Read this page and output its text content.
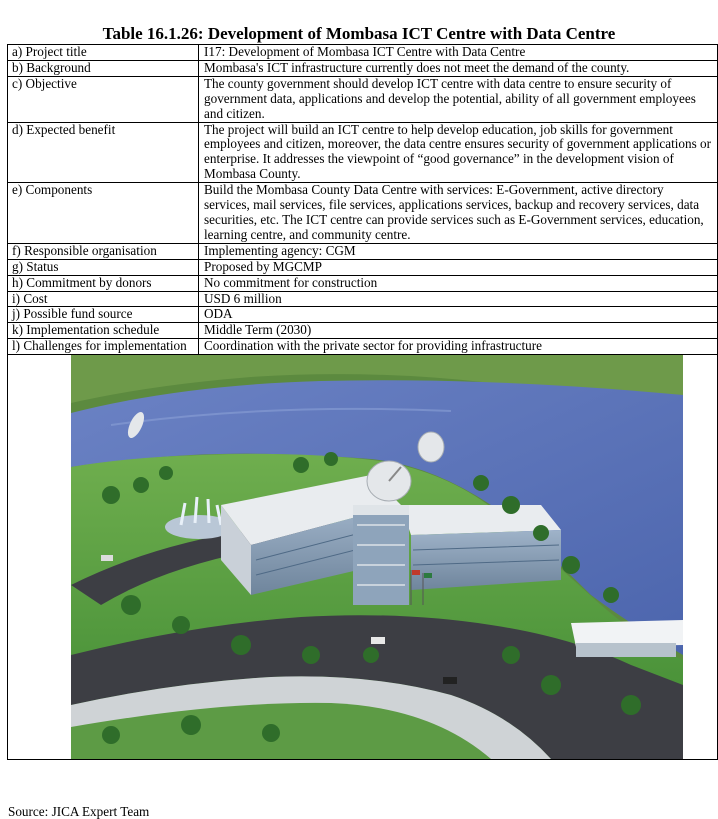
Table 16.1.26: Development of Mombasa ICT Centre with Data Centre
a) Project title	I17: Development of Mombasa ICT Centre with Data Centre
b) Background	Mombasa's ICT infrastructure currently does not meet the demand of the county.
c) Objective	The county government should develop ICT centre with data centre to ensure security of government data, applications and develop the potential, ability of all government employees and citizen.
d) Expected benefit	The project will build an ICT centre to help develop education, job skills for government employees and citizen, moreover, the data centre ensures security of government applications or enterprise. It addresses the viewpoint of “good governance” in the development vision of Mombasa County.
e) Components	Build the Mombasa County Data Centre with services: E-Government, active directory services, mail services, file services, applications services, backup and recovery services, data securities, etc. The ICT centre can provide services such as E-Government services, education, learning centre, and community centre.
f) Responsible organisation	Implementing agency: CGM
g) Status	Proposed by MGCMP
h) Commitment by donors	No commitment for construction
i) Cost	USD 6 million
j) Possible fund source	ODA
k) Implementation schedule	Middle Term (2030)

l) Challenges for implementation	Coordination with the private sector for providing infrastructure

Source: JICA Expert Team
